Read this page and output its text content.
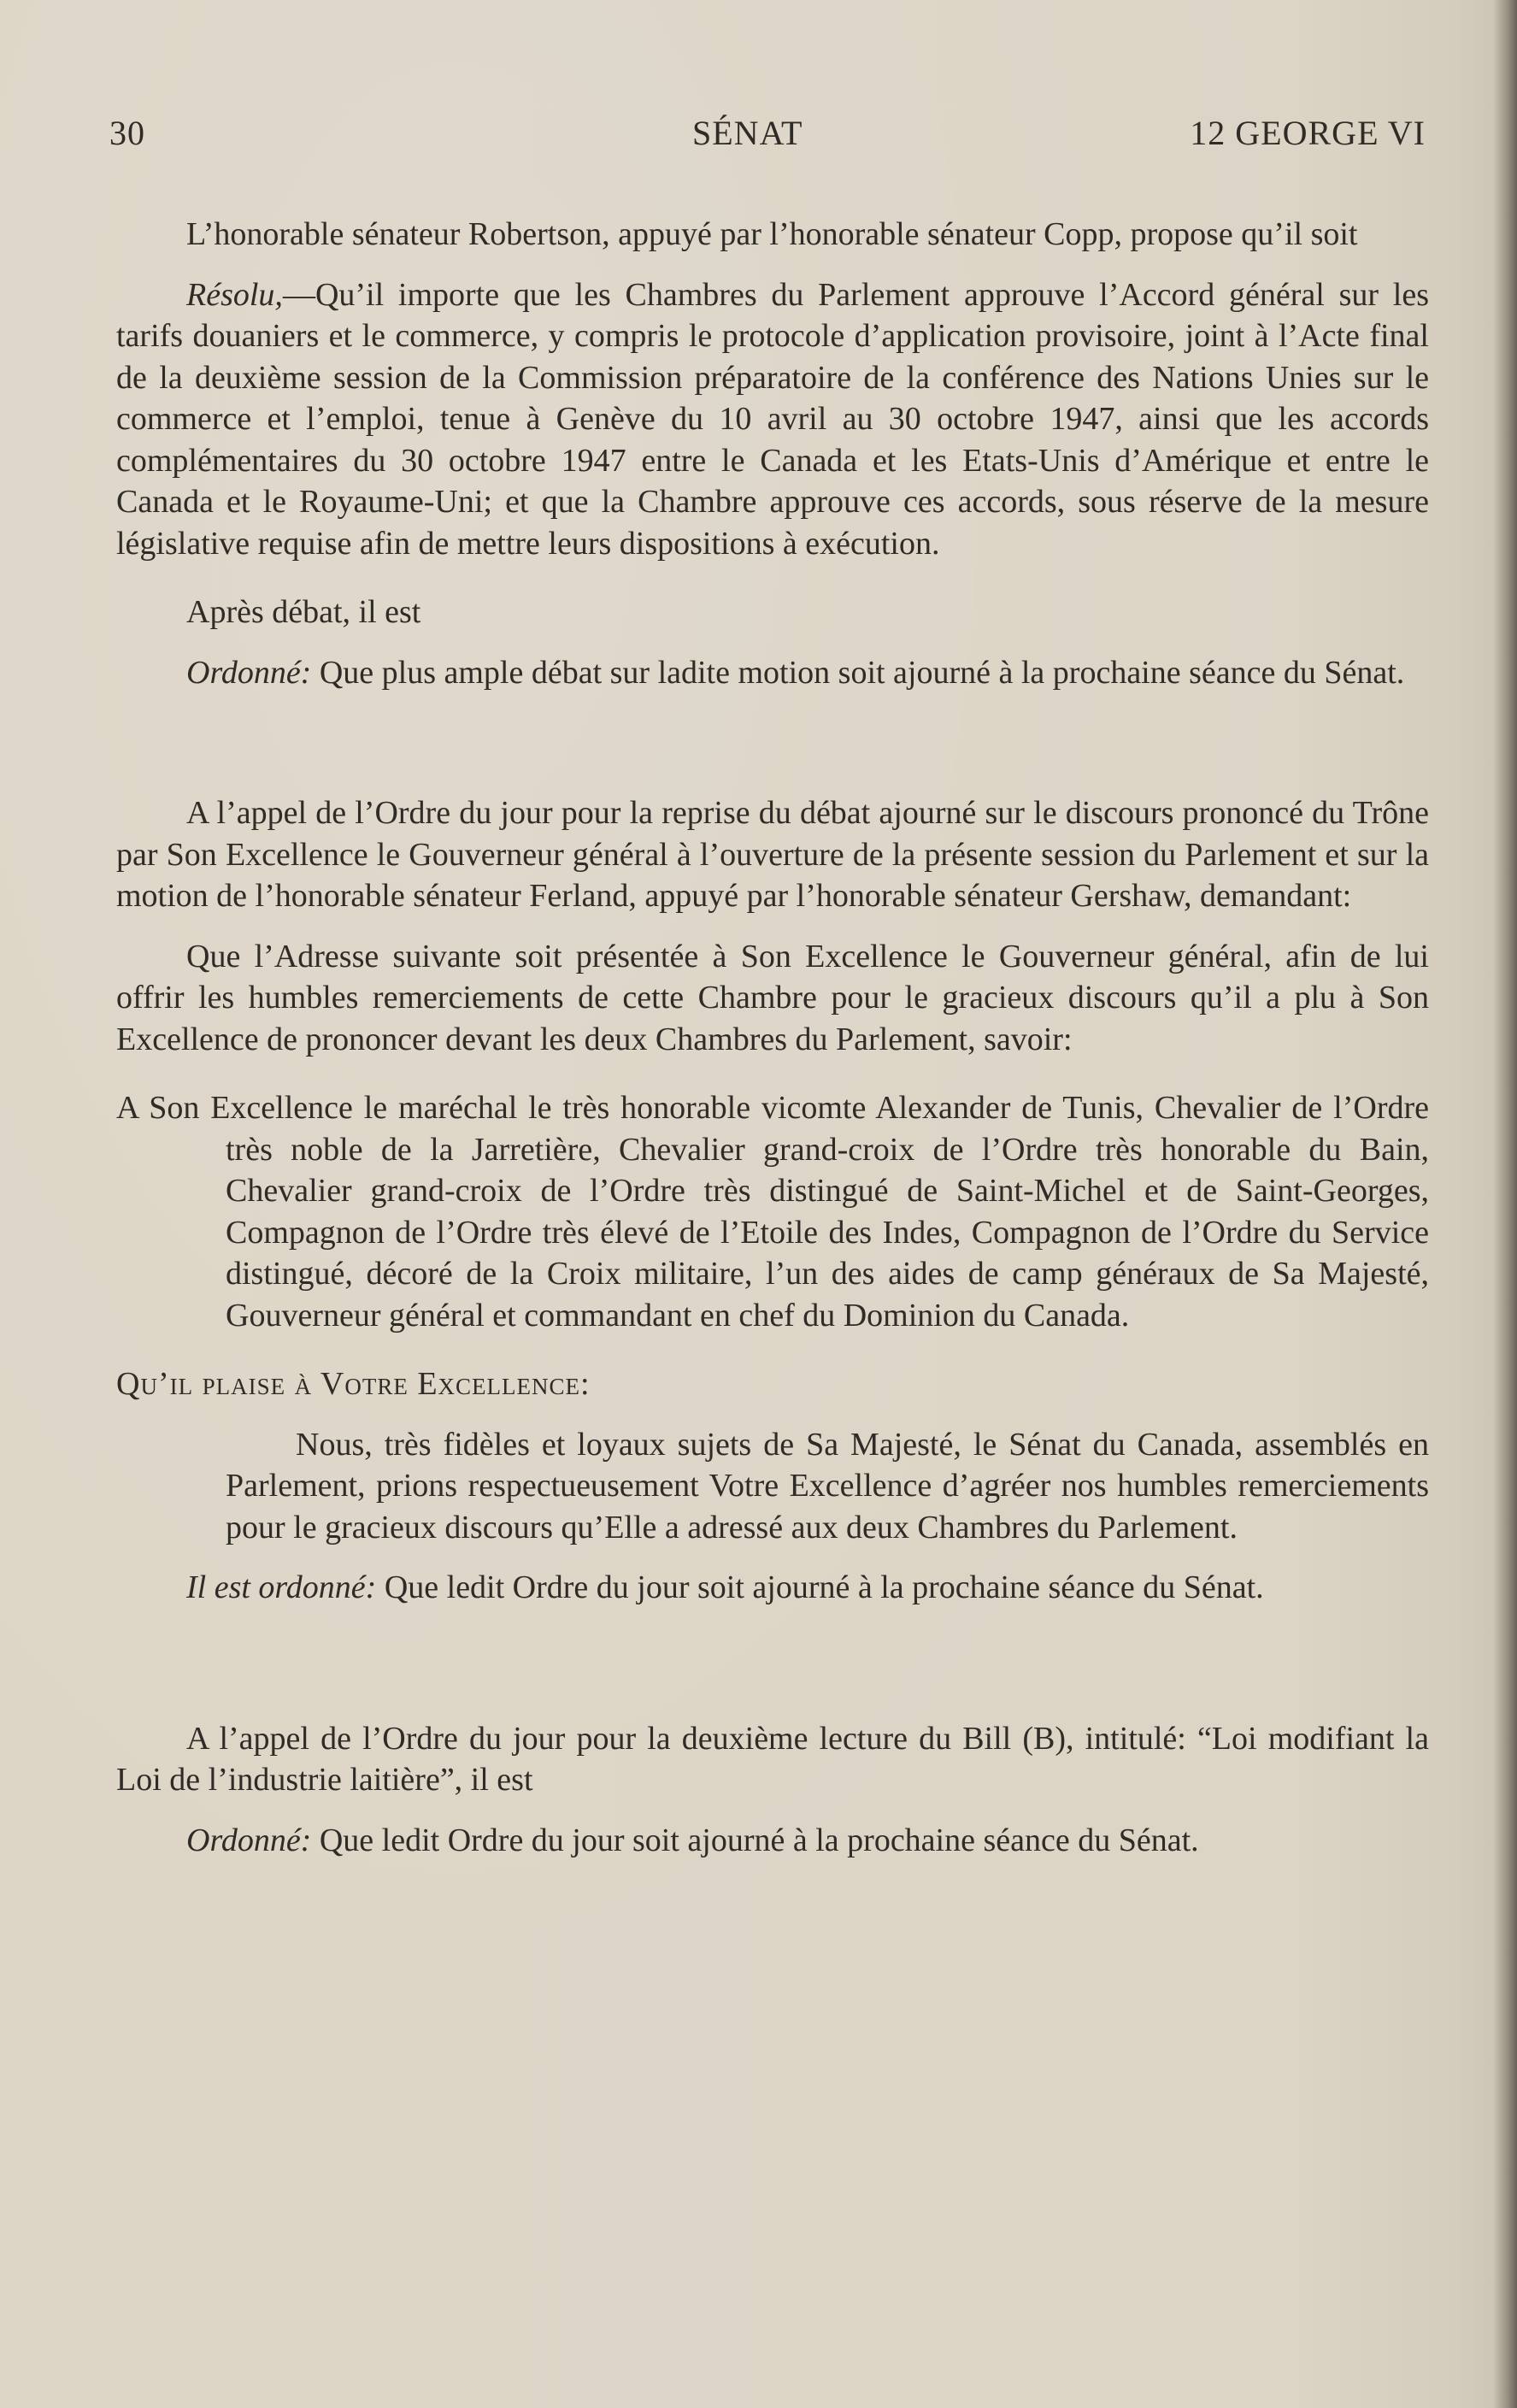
30	SÉNAT	12 GEORGE VI

L’honorable sénateur Robertson, appuyé par l’honorable sénateur Copp, propose qu’il soit

Résolu,—Qu’il importe que les Chambres du Parlement approuve l’Accord général sur les tarifs douaniers et le commerce, y compris le protocole d’application provisoire, joint à l’Acte final de la deuxième session de la Commission préparatoire de la conférence des Nations Unies sur le commerce et l’emploi, tenue à Genève du 10 avril au 30 octobre 1947, ainsi que les accords complémentaires du 30 octobre 1947 entre le Canada et les Etats-Unis d’Amérique et entre le Canada et le Royaume-Uni; et que la Chambre approuve ces accords, sous réserve de la mesure législative requise afin de mettre leurs dispositions à exécution.

Après débat, il est

Ordonné: Que plus ample débat sur ladite motion soit ajourné à la prochaine séance du Sénat.

A l’appel de l’Ordre du jour pour la reprise du débat ajourné sur le discours prononcé du Trône par Son Excellence le Gouverneur général à l’ouverture de la présente session du Parlement et sur la motion de l’honorable sénateur Ferland, appuyé par l’honorable sénateur Gershaw, demandant:

Que l’Adresse suivante soit présentée à Son Excellence le Gouverneur général, afin de lui offrir les humbles remerciements de cette Chambre pour le gracieux discours qu’il a plu à Son Excellence de prononcer devant les deux Chambres du Parlement, savoir:

A Son Excellence le maréchal le très honorable vicomte Alexander de Tunis, Chevalier de l’Ordre très noble de la Jarretière, Chevalier grand-croix de l’Ordre très honorable du Bain, Chevalier grand-croix de l’Ordre très distingué de Saint-Michel et de Saint-Georges, Compagnon de l’Ordre très élevé de l’Etoile des Indes, Compagnon de l’Ordre du Service distingué, décoré de la Croix militaire, l’un des aides de camp généraux de Sa Majesté, Gouverneur général et commandant en chef du Dominion du Canada.

Qu’il plaise à Votre Excellence:

Nous, très fidèles et loyaux sujets de Sa Majesté, le Sénat du Canada, assemblés en Parlement, prions respectueusement Votre Excellence d’agréer nos humbles remerciements pour le gracieux discours qu’Elle a adressé aux deux Chambres du Parlement.

Il est ordonné: Que ledit Ordre du jour soit ajourné à la prochaine séance du Sénat.

A l’appel de l’Ordre du jour pour la deuxième lecture du Bill (B), intitulé: “Loi modifiant la Loi de l’industrie laitière”, il est

Ordonné: Que ledit Ordre du jour soit ajourné à la prochaine séance du Sénat.
